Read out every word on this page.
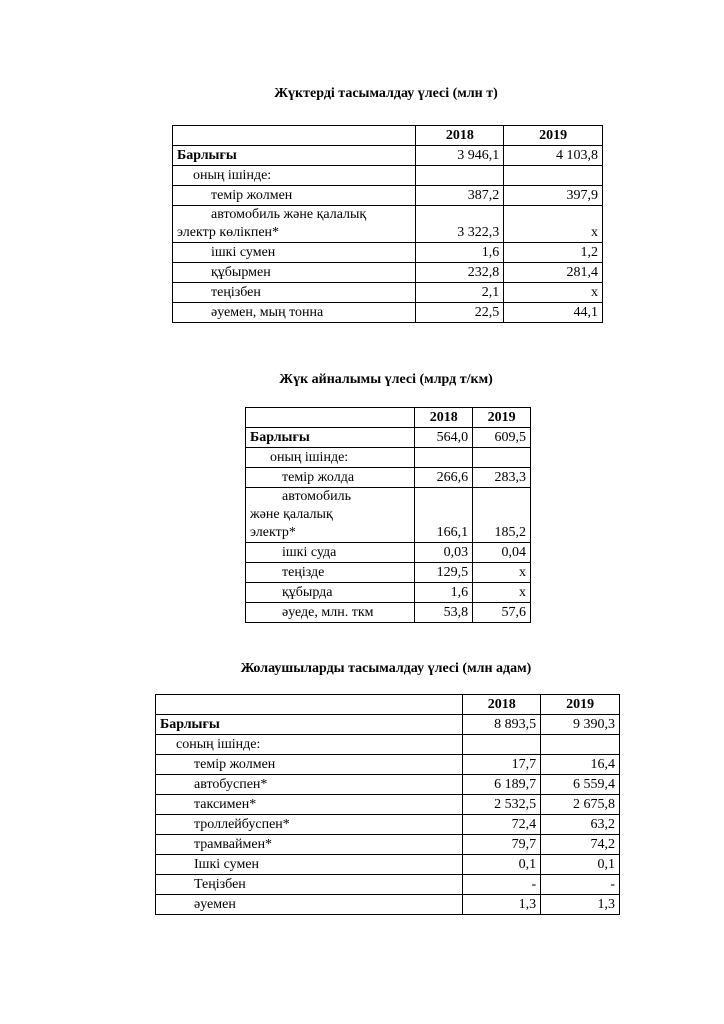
Жүктерді тасымалдау үлесі (млн т)
	2018	2019
Барлығы	3 946,1	4 103,8
оның ішінде:		
темір жолмен	387,2	397,9

автомобиль және қалалық
электр көлікпен*	3 322,3	x
ішкі сумен	1,6	1,2
құбырмен	232,8	281,4
теңізбен	2,1	x
әуемен, мың тонна	22,5	44,1
Жүк айналымы үлесі (млрд т/км)
	2018	2019
Барлығы	564,0	609,5
оның ішінде:		
темір жолда	266,6	283,3

автомобиль
және қалалық
электр*	166,1	185,2
ішкі суда	0,03	0,04
теңізде	129,5	x
құбырда	1,6	x
әуеде, млн. ткм	53,8	57,6
Жолаушыларды тасымалдау үлесі (млн адам)
	2018	2019
Барлығы	8 893,5	9 390,3
соның ішінде:		
темір жолмен	17,7	16,4
автобуспен*	6 189,7	6 559,4
таксимен*	2 532,5	2 675,8
троллейбуспен*	72,4	63,2
трамваймен*	79,7	74,2
Ішкі сумен	0,1	0,1
Теңізбен	-	-
әуемен	1,3	1,3
